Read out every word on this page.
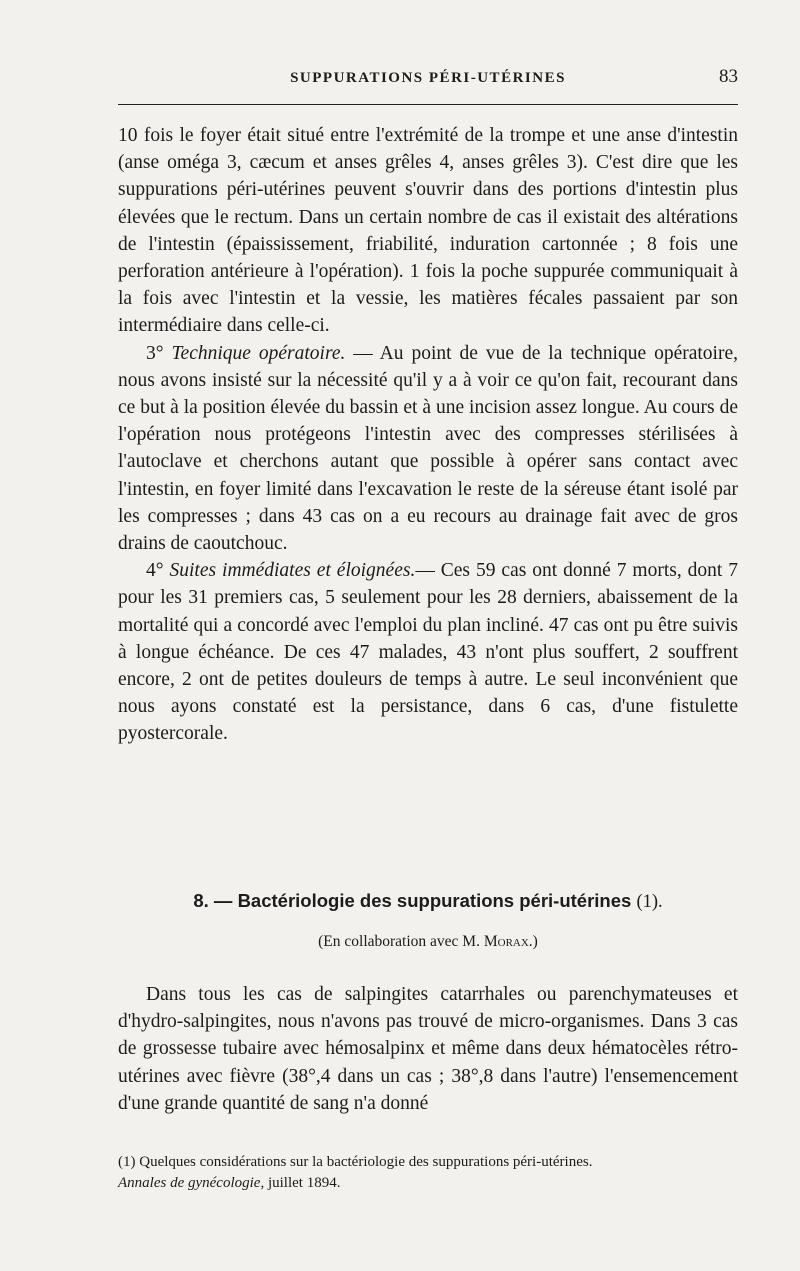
SUPPURATIONS PÉRI-UTÉRINES	83

10 fois le foyer était situé entre l'extrémité de la trompe et une anse d'intestin (anse oméga 3, cæcum et anses grêles 4, anses grêles 3). C'est dire que les suppurations péri-utérines peuvent s'ouvrir dans des portions d'intestin plus élevées que le rectum. Dans un certain nombre de cas il existait des altérations de l'intestin (épaississement, friabilité, induration cartonnée ; 8 fois une perforation antérieure à l'opération). 1 fois la poche suppurée communiquait à la fois avec l'intestin et la vessie, les matières fécales passaient par son intermédiaire dans celle-ci.

3° Technique opératoire. — Au point de vue de la technique opératoire, nous avons insisté sur la nécessité qu'il y a à voir ce qu'on fait, recourant dans ce but à la position élevée du bassin et à une incision assez longue. Au cours de l'opération nous protégeons l'intestin avec des compresses stérilisées à l'autoclave et cherchons autant que possible à opérer sans contact avec l'intestin, en foyer limité dans l'excavation le reste de la séreuse étant isolé par les compresses ; dans 43 cas on a eu recours au drainage fait avec de gros drains de caoutchouc.

4° Suites immédiates et éloignées.— Ces 59 cas ont donné 7 morts, dont 7 pour les 31 premiers cas, 5 seulement pour les 28 derniers, abaissement de la mortalité qui a concordé avec l'emploi du plan incliné. 47 cas ont pu être suivis à longue échéance. De ces 47 malades, 43 n'ont plus souffert, 2 souffrent encore, 2 ont de petites douleurs de temps à autre. Le seul inconvénient que nous ayons constaté est la persistance, dans 6 cas, d'une fistulette pyostercorale.

8. — Bactériologie des suppurations péri-utérines (1).
(En collaboration avec M. Morax.)
Dans tous les cas de salpingites catarrhales ou parenchymateuses et d'hydro-salpingites, nous n'avons pas trouvé de micro-organismes. Dans 3 cas de grossesse tubaire avec hémosalpinx et même dans deux hématocèles rétro-utérines avec fièvre (38°,4 dans un cas ; 38°,8 dans l'autre) l'ensemencement d'une grande quantité de sang n'a donné
(1) Quelques considérations sur la bactériologie des suppurations péri-utérines.
Annales de gynécologie, juillet 1894.
